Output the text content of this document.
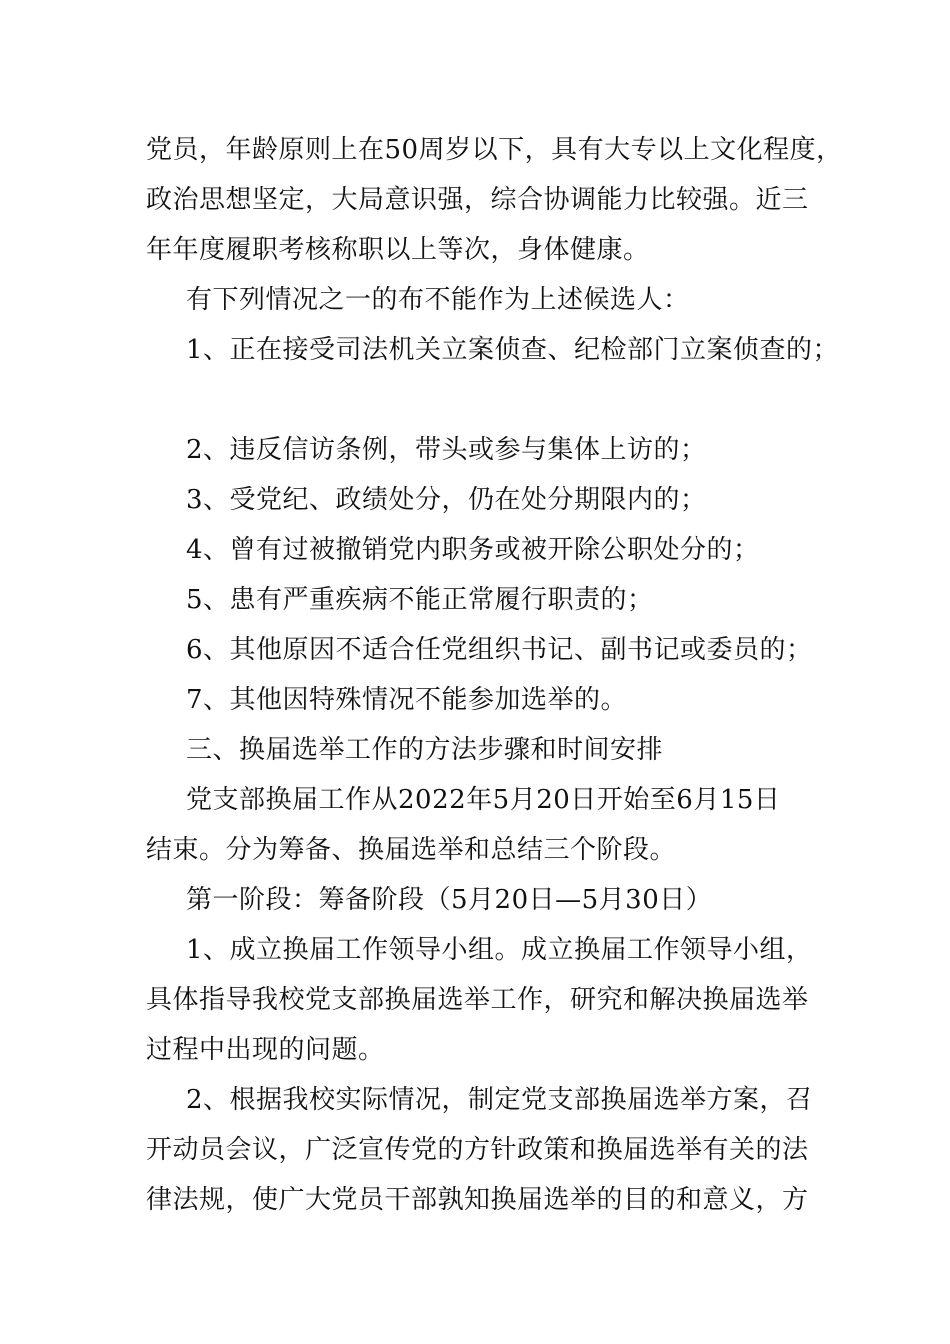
党员，年龄原则上在50周岁以下，具有大专以上文化程度，
政治思想坚定，大局意识强，综合协调能力比较强。近三
年年度履职考核称职以上等次，身体健康。
有下列情况之一的布不能作为上述候选人：
1、正在接受司法机关立案侦查、纪检部门立案侦查的；
2、违反信访条例，带头或参与集体上访的；
3、受党纪、政绩处分，仍在处分期限内的；
4、曾有过被撤销党内职务或被开除公职处分的；
5、患有严重疾病不能正常履行职责的；
6、其他原因不适合任党组织书记、副书记或委员的；
7、其他因特殊情况不能参加选举的。
三、换届选举工作的方法步骤和时间安排
党支部换届工作从2022年5月20日开始至6月15日
结束。分为筹备、换届选举和总结三个阶段。
第一阶段：筹备阶段（5月20日—5月30日）
1、成立换届工作领导小组。成立换届工作领导小组，
具体指导我校党支部换届选举工作，研究和解决换届选举
过程中出现的问题。
2、根据我校实际情况，制定党支部换届选举方案，召
开动员会议，广泛宣传党的方针政策和换届选举有关的法
律法规，使广大党员干部孰知换届选举的目的和意义，方
